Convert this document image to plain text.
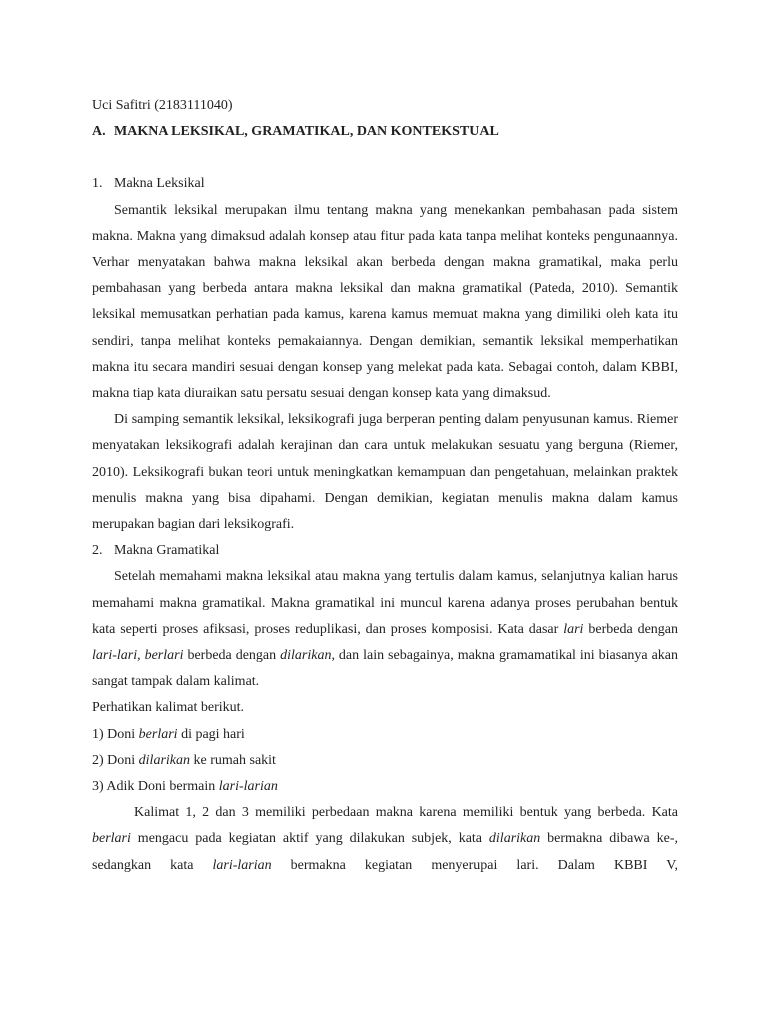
Uci Safitri (2183111040)
A. MAKNA LEKSIKAL, GRAMATIKAL, DAN KONTEKSTUAL
1. Makna Leksikal

Semantik leksikal merupakan ilmu tentang makna yang menekankan pembahasan pada sistem makna. Makna yang dimaksud adalah konsep atau fitur pada kata tanpa melihat konteks pengunaannya. Verhar menyatakan bahwa makna leksikal akan berbeda dengan makna gramatikal, maka perlu pembahasan yang berbeda antara makna leksikal dan makna gramatikal (Pateda, 2010). Semantik leksikal memusatkan perhatian pada kamus, karena kamus memuat makna yang dimiliki oleh kata itu sendiri, tanpa melihat konteks pemakaiannya. Dengan demikian, semantik leksikal memperhatikan makna itu secara mandiri sesuai dengan konsep yang melekat pada kata. Sebagai contoh, dalam KBBI, makna tiap kata diuraikan satu persatu sesuai dengan konsep kata yang dimaksud.

Di samping semantik leksikal, leksikografi juga berperan penting dalam penyusunan kamus. Riemer menyatakan leksikografi adalah kerajinan dan cara untuk melakukan sesuatu yang berguna (Riemer, 2010). Leksikografi bukan teori untuk meningkatkan kemampuan dan pengetahuan, melainkan praktek menulis makna yang bisa dipahami. Dengan demikian, kegiatan menulis makna dalam kamus merupakan bagian dari leksikografi.

2. Makna Gramatikal

Setelah memahami makna leksikal atau makna yang tertulis dalam kamus, selanjutnya kalian harus memahami makna gramatikal. Makna gramatikal ini muncul karena adanya proses perubahan bentuk kata seperti proses afiksasi, proses reduplikasi, dan proses komposisi. Kata dasar lari berbeda dengan lari-lari, berlari berbeda dengan dilarikan, dan lain sebagainya, makna gramamatikal ini biasanya akan sangat tampak dalam kalimat.

Perhatikan kalimat berikut.
1) Doni berlari di pagi hari
2) Doni dilarikan ke rumah sakit
3) Adik Doni bermain lari-larian

Kalimat 1, 2 dan 3 memiliki perbedaan makna karena memiliki bentuk yang berbeda. Kata berlari mengacu pada kegiatan aktif yang dilakukan subjek, kata dilarikan bermakna dibawa ke-, sedangkan kata lari-larian bermakna kegiatan menyerupai lari. Dalam KBBI V,
